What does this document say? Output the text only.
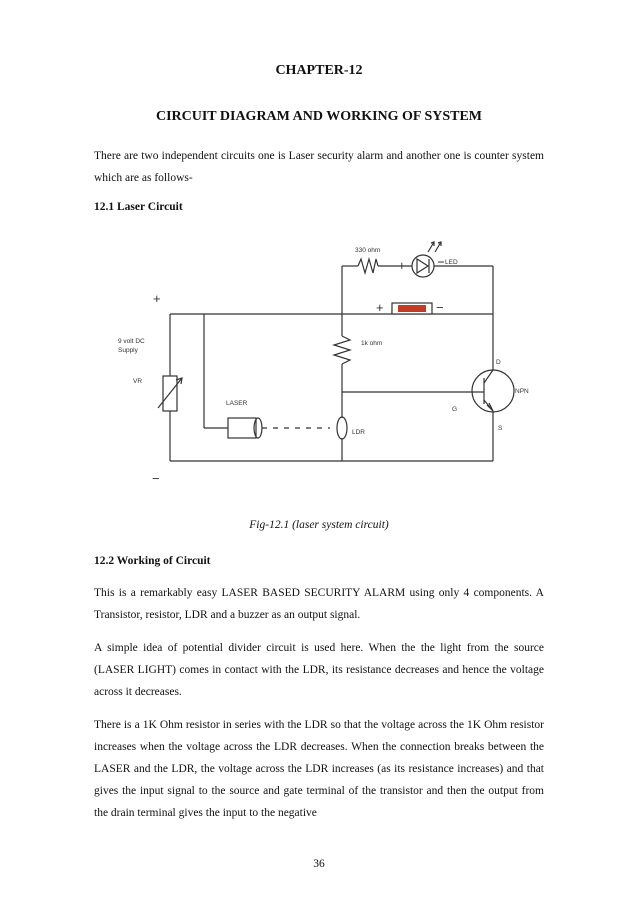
CHAPTER-12
CIRCUIT DIAGRAM AND WORKING OF SYSTEM
There are two independent circuits one is Laser security alarm and another one is counter system which are as follows-
12.1 Laser Circuit
+
−
9 volt DC
Supply
VR
LASER
LDR
330 ohm
1k ohm
LED
+	−
+
NPN
D
G
S
Fig-12.1 (laser system circuit)
12.2 Working of Circuit
This is a remarkably easy LASER BASED SECURITY ALARM using only 4 components. A Transistor, resistor, LDR and a buzzer as an output signal.
A simple idea of potential divider circuit is used here. When the the light from the source (LASER LIGHT) comes in contact with the LDR, its resistance decreases and hence the voltage across it decreases.
There is a 1K Ohm resistor in series with the LDR so that the voltage across the 1K Ohm resistor increases when the voltage across the LDR decreases. When the connection breaks between the LASER and the LDR, the voltage across the LDR increases (as its resistance increases) and that gives the input signal to the source and gate terminal of the transistor and then the output from the drain terminal gives the input to the negative
36
